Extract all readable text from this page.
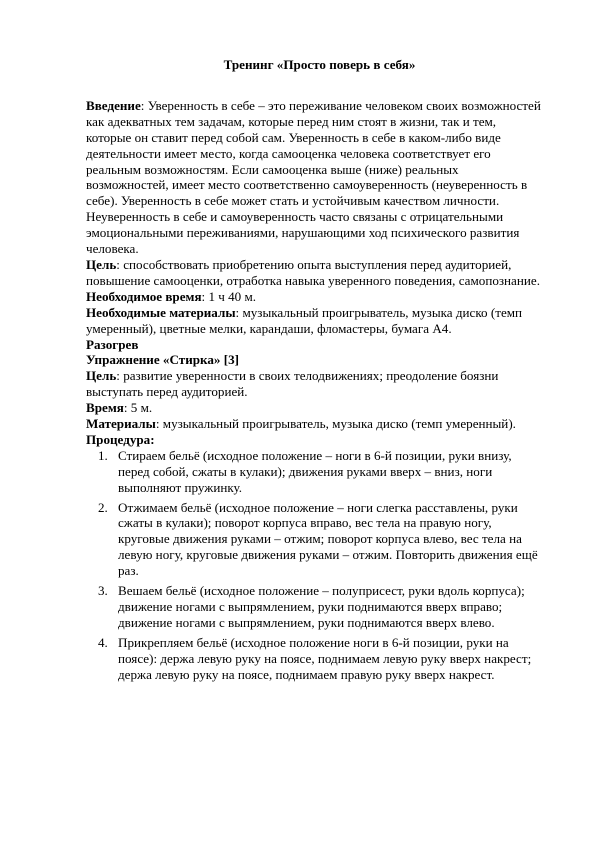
Тренинг «Просто поверь в себя»

Введение: Уверенность в себе – это переживание человеком своих возможностей как адекватных тем задачам, которые перед ним стоят в жизни, так и тем, которые он ставит перед собой сам. Уверенность в себе в каком-либо виде деятельности имеет место, когда самооценка человека соответствует его реальным возможностям. Если самооценка выше (ниже) реальных возможностей, имеет место соответственно самоуверенность (неуверенность в себе). Уверенность в себе может стать и устойчивым качеством личности. Неуверенность в себе и самоуверенность часто связаны с отрицательными эмоциональными переживаниями, нарушающими ход психического развития человека.

Цель: способствовать приобретению опыта выступления перед аудиторией, повышение самооценки, отработка навыка уверенного поведения, самопознание.

Необходимое время: 1 ч 40 м.

Необходимые материалы: музыкальный проигрыватель, музыка диско (темп умеренный), цветные мелки, карандаши, фломастеры, бумага А4.

Разогрев

Упражнение «Стирка» [3]

Цель: развитие уверенности в своих телодвижениях; преодоление боязни выступать перед аудиторией.

Время: 5 м.

Материалы: музыкальный проигрыватель, музыка диско (темп умеренный).

Процедура:

1. Стираем бельё (исходное положение – ноги в 6-й позиции, руки внизу, перед собой, сжаты в кулаки); движения руками вверх – вниз, ноги выполняют пружинку.
2. Отжимаем бельё (исходное положение – ноги слегка расставлены, руки сжаты в кулаки); поворот корпуса вправо, вес тела на правую ногу, круговые движения руками – отжим; поворот корпуса влево, вес тела на левую ногу, круговые движения руками – отжим. Повторить движения ещё раз.
3. Вешаем бельё (исходное положение – полуприсест, руки вдоль корпуса); движение ногами с выпрямлением, руки поднимаются вверх вправо; движение ногами с выпрямлением, руки поднимаются вверх влево.
4. Прикрепляем бельё (исходное положение ноги в 6-й позиции, руки на поясе): держа левую руку на поясе, поднимаем левую руку вверх накрест; держа левую руку на поясе, поднимаем правую руку вверх накрест.
